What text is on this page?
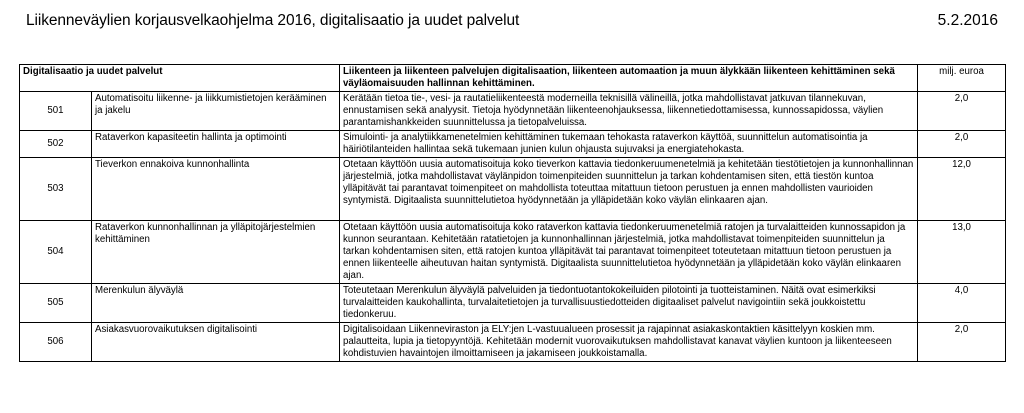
Liikenneväylien korjausvelkaohjelma 2016, digitalisaatio ja uudet palvelut	5.2.2016
Digitalisaatio ja uudet palvelut		Liikenteen ja liikenteen palvelujen digitalisaation, liikenteen automaation ja muun älykkään liikenteen kehittäminen sekä väyläomaisuuden hallinnan kehittäminen.	milj. euroa
501	Automatisoitu liikenne- ja liikkumistietojen kerääminen ja jakelu	Kerätään tietoa tie-, vesi- ja rautatieliikenteestä moderneilla teknisillä välineillä, jotka mahdollistavat jatkuvan tilannekuvan, ennustamisen sekä analyysit. Tietoja hyödynnetään liikenteenohjauksessa, liikennetiedottamisessa, kunnossapidossa, väylien parantamishankkeiden suunnittelussa ja tietopalveluissa.	2,0
502	Rataverkon kapasiteetin hallinta ja optimointi	Simulointi- ja analytiikkamenetelmien kehittäminen tukemaan tehokasta rataverkon käyttöä, suunnittelun automatisointia ja häiriötilanteiden hallintaa sekä tukemaan junien kulun ohjausta sujuvaksi ja energiatehokasta.	2,0
503	Tieverkon ennakoiva kunnonhallinta	Otetaan käyttöön uusia automatisoituja koko tieverkon kattavia tiedonkeruumenetelmiä ja kehitetään tiestötietojen ja kunnonhallinnan järjestelmiä, jotka mahdollistavat väylänpidon toimenpiteiden suunnittelun ja tarkan kohdentamisen siten, että tiestön kuntoa ylläpitävät tai parantavat toimenpiteet on mahdollista toteuttaa mitattuun tietoon perustuen ja ennen mahdollisten vaurioiden syntymistä. Digitaalista suunnittelutietoa hyödynnetään ja ylläpidetään koko väylän elinkaaren ajan.	12,0
504	Rataverkon kunnonhallinnan ja ylläpitojärjestelmien kehittäminen	Otetaan käyttöön uusia automatisoituja koko rataverkon kattavia tiedonkeruumenetelmiä ratojen ja turvalaitteiden kunnossapidon ja kunnon seurantaan. Kehitetään ratatietojen ja kunnonhallinnan järjestelmiä, jotka mahdollistavat toimenpiteiden suunnittelun ja tarkan kohdentamisen siten, että ratojen kuntoa ylläpitävät tai parantavat toimenpiteet toteutetaan mitattuun tietoon perustuen ja ennen liikenteelle aiheutuvan haitan syntymistä. Digitaalista suunnittelutietoa hyödynnetään ja ylläpidetään koko väylän elinkaaren ajan.	13,0
505	Merenkulun älyväylä	Toteutetaan Merenkulun älyväylä palveluiden ja tiedontuotantokokeiluiden pilotointi ja tuotteistaminen. Näitä ovat esimerkiksi turvalaitteiden kaukohallinta, turvalaitetietojen ja turvallisuustiedotteiden digitaaliset palvelut navigointiin sekä joukkoistettu tiedonkeruu.	4,0
506	Asiakasvuorovaikutuksen digitalisointi	Digitalisoidaan Liikenneviraston ja ELY:jen L-vastuualueen prosessit ja rajapinnat asiakaskontaktien käsittelyyn koskien mm. palautteita, lupia ja tietopyyntöjä. Kehitetään modernit vuorovaikutuksen mahdollistavat kanavat väylien kuntoon ja liikenteeseen kohdistuvien havaintojen ilmoittamiseen ja jakamiseen joukkoistamalla.	2,0
